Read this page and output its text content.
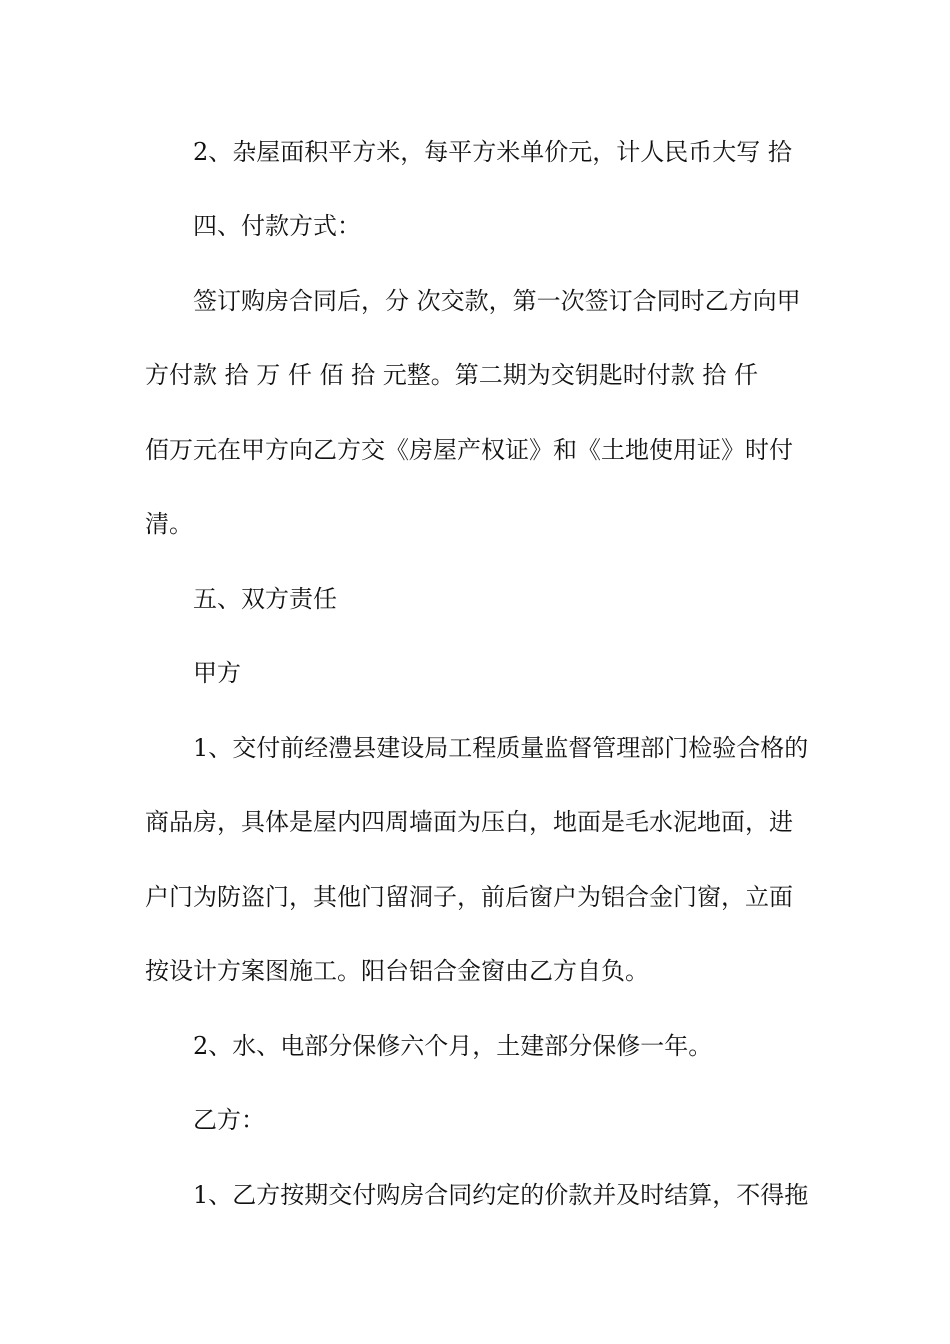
2、杂屋面积平方米，每平方米单价元，计人民币大写 拾
四、付款方式：
签订购房合同后，分 次交款，第一次签订合同时乙方向甲
方付款 拾 万 仟 佰 拾 元整。第二期为交钥匙时付款 拾 仟
佰万元在甲方向乙方交《房屋产权证》和《土地使用证》时付
清。
五、双方责任
甲方
1、交付前经澧县建设局工程质量监督管理部门检验合格的
商品房，具体是屋内四周墙面为压白，地面是毛水泥地面，进
户门为防盗门，其他门留洞子，前后窗户为铝合金门窗，立面
按设计方案图施工。阳台铝合金窗由乙方自负。
2、水、电部分保修六个月，土建部分保修一年。
乙方：
1、乙方按期交付购房合同约定的价款并及时结算，不得拖
